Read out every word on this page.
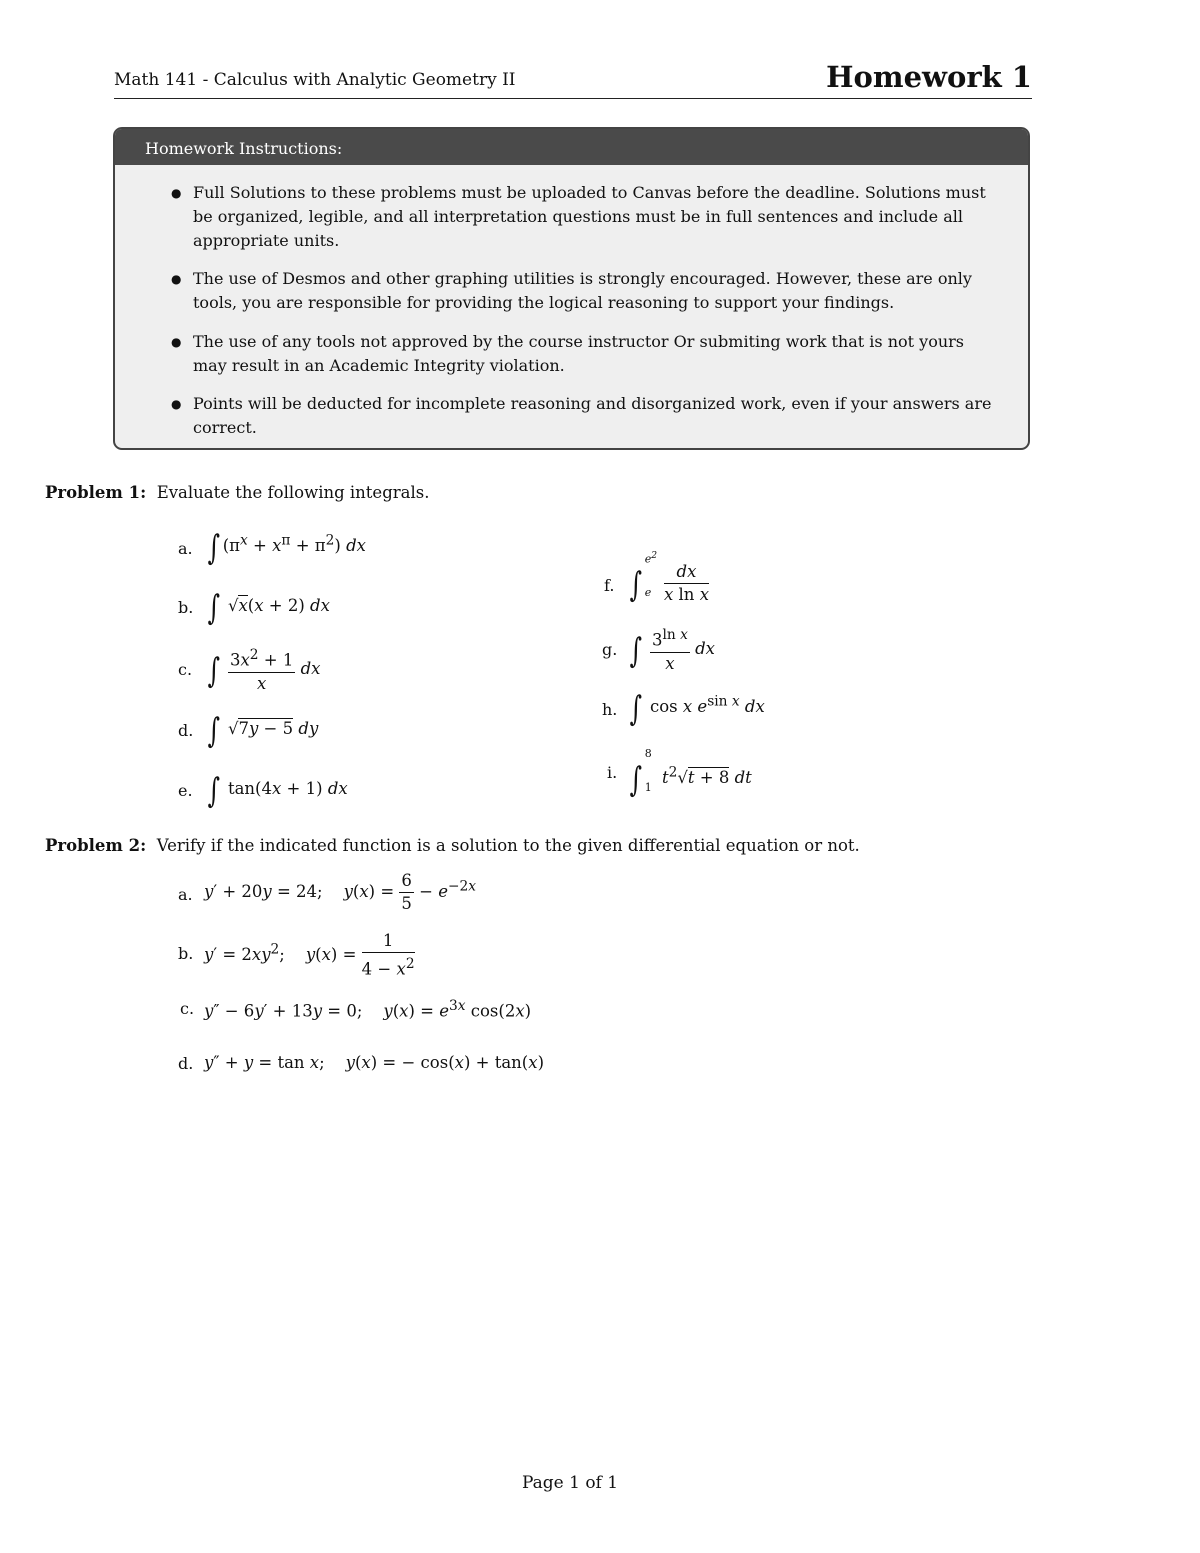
Math 141 - Calculus with Analytic Geometry II	Homework 1
Homework Instructions:
● Full Solutions to these problems must be uploaded to Canvas before the deadline. Solutions must be organized, legible, and all interpretation questions must be in full sentences and include all appropriate units.
● The use of Desmos and other graphing utilities is strongly encouraged. However, these are only tools, you are responsible for providing the logical reasoning to support your findings.
● The use of any tools not approved by the course instructor Or submiting work that is not yours may result in an Academic Integrity violation.
● Points will be deducted for incomplete reasoning and disorganized work, even if your answers are correct.
Problem 1: Evaluate the following integrals.
a. ∫ $(\pi^x + x^\pi + \pi^2)$ dx
b. ∫ √x(x + 2) dx
c. ∫ $\frac{3x^2 + 1}{x}$ dx
d. ∫ √7y − 5 dy
e. ∫ tan(4x + 1) dx
f. ∫
$e^2$
e
$\frac{dx}{\text{x ln x}}$
g. ∫ $\frac{3^{ln x}}{x}$ dx
h. ∫ cos x $e^{sin x}$ dx
i. ∫
8
1
$t^2√t + 8$ dt
Problem 2: Verify if the indicated function is a solution to the given differential equation or not.
a. y′ + 20y = 24;    $y(x) = \frac{6}{5} - e^{-2x}$
b. $y' = 2xy^2$;    $y(x) = \frac{1}{4 - x^2}$
c. y″ − 6y′ + 13y = 0;    $y(x) = e^{3x}$ cos(2x)
d. y″ + y = tan x;    y(x) = − cos(x) + tan(x)
Page 1 of 1
